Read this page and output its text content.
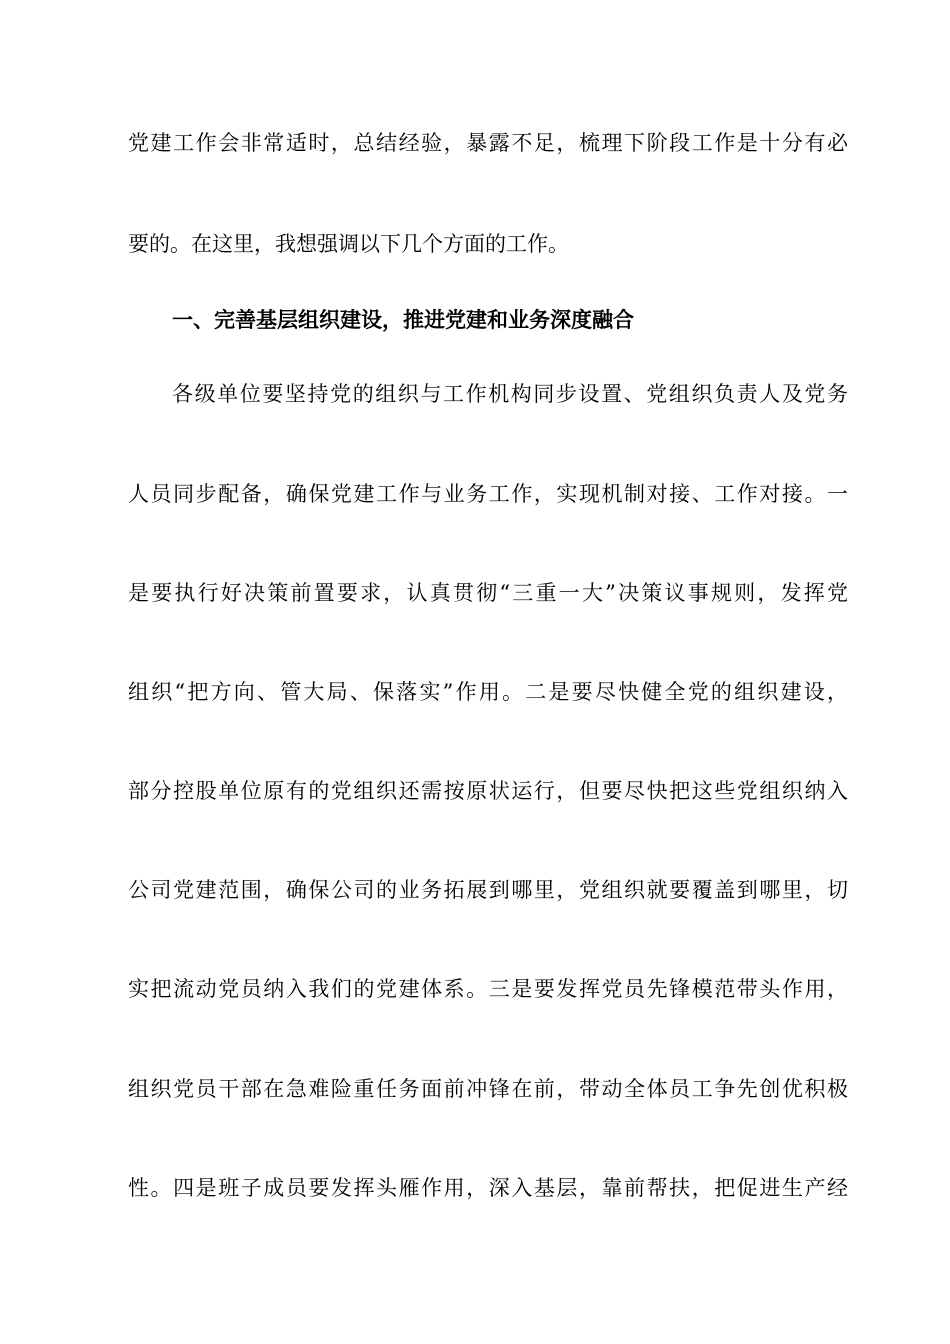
党建工作会非常适时，总结经验，暴露不足，梳理下阶段工作是十分有必
要的。在这里，我想强调以下几个方面的工作。
一、完善基层组织建设，推进党建和业务深度融合
各级单位要坚持党的组织与工作机构同步设置、党组织负责人及党务
人员同步配备，确保党建工作与业务工作，实现机制对接、工作对接。一
是要执行好决策前置要求，认真贯彻“三重一大”决策议事规则，发挥党
组织“把方向、管大局、保落实”作用。二是要尽快健全党的组织建设，
部分控股单位原有的党组织还需按原状运行，但要尽快把这些党组织纳入
公司党建范围，确保公司的业务拓展到哪里，党组织就要覆盖到哪里，切
实把流动党员纳入我们的党建体系。三是要发挥党员先锋模范带头作用，
组织党员干部在急难险重任务面前冲锋在前，带动全体员工争先创优积极
性。四是班子成员要发挥头雁作用，深入基层，靠前帮扶，把促进生产经
